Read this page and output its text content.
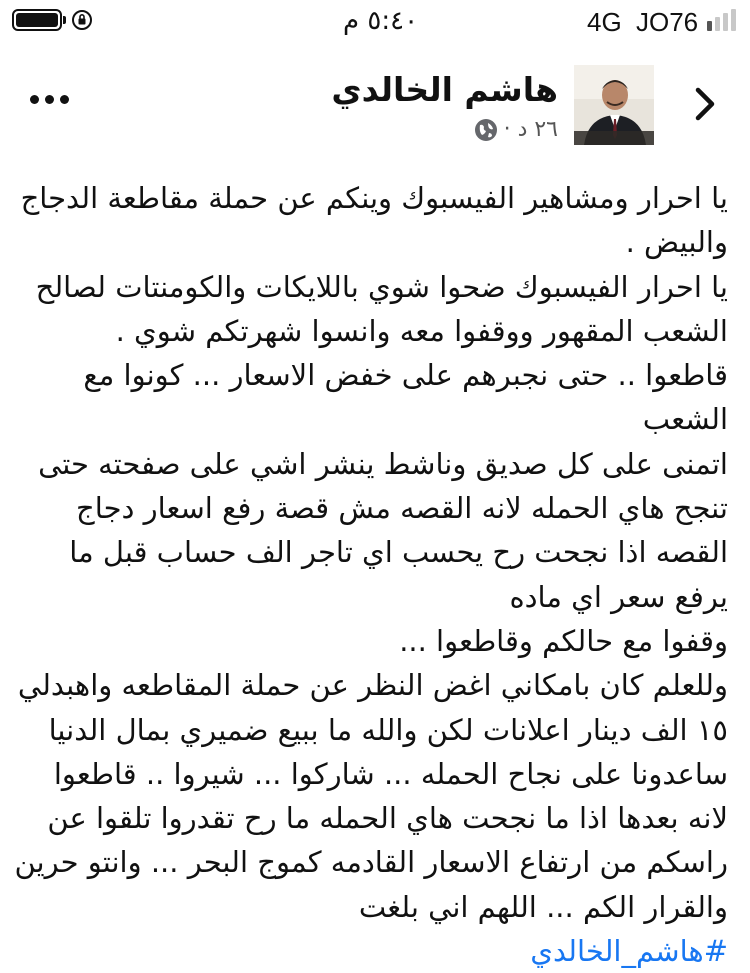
٥:٤٠ م	4G JO76
هاشم الخالدي
٢٦ د ·
يا احرار ومشاهير الفيسبوك وينكم عن حملة مقاطعة الدجاج
والبيض .
يا احرار الفيسبوك ضحوا شوي باللايكات والكومنتات لصالح
الشعب المقهور ووقفوا معه وانسوا شهرتكم شوي .
قاطعوا .. حتى نجبرهم على خفض الاسعار ... كونوا مع
الشعب
اتمنى على كل صديق وناشط ينشر اشي على صفحته حتى
تنجح هاي الحمله لانه القصه مش قصة رفع اسعار دجاج
القصه اذا نجحت رح يحسب اي تاجر الف حساب قبل ما
يرفع سعر اي ماده
وقفوا مع حالكم وقاطعوا ...
وللعلم كان بامكاني اغض النظر عن حملة المقاطعه واهبدلي
١٥ الف دينار اعلانات لكن والله ما ببيع ضميري بمال الدنيا
ساعدونا على نجاح الحمله ... شاركوا ... شيروا .. قاطعوا
لانه بعدها اذا ما نجحت هاي الحمله ما رح تقدروا تلقوا عن
راسكم من ارتفاع الاسعار القادمه كموج البحر ... وانتو حرين
والقرار الكم ... اللهم اني بلغت
#هاشم_الخالدي
